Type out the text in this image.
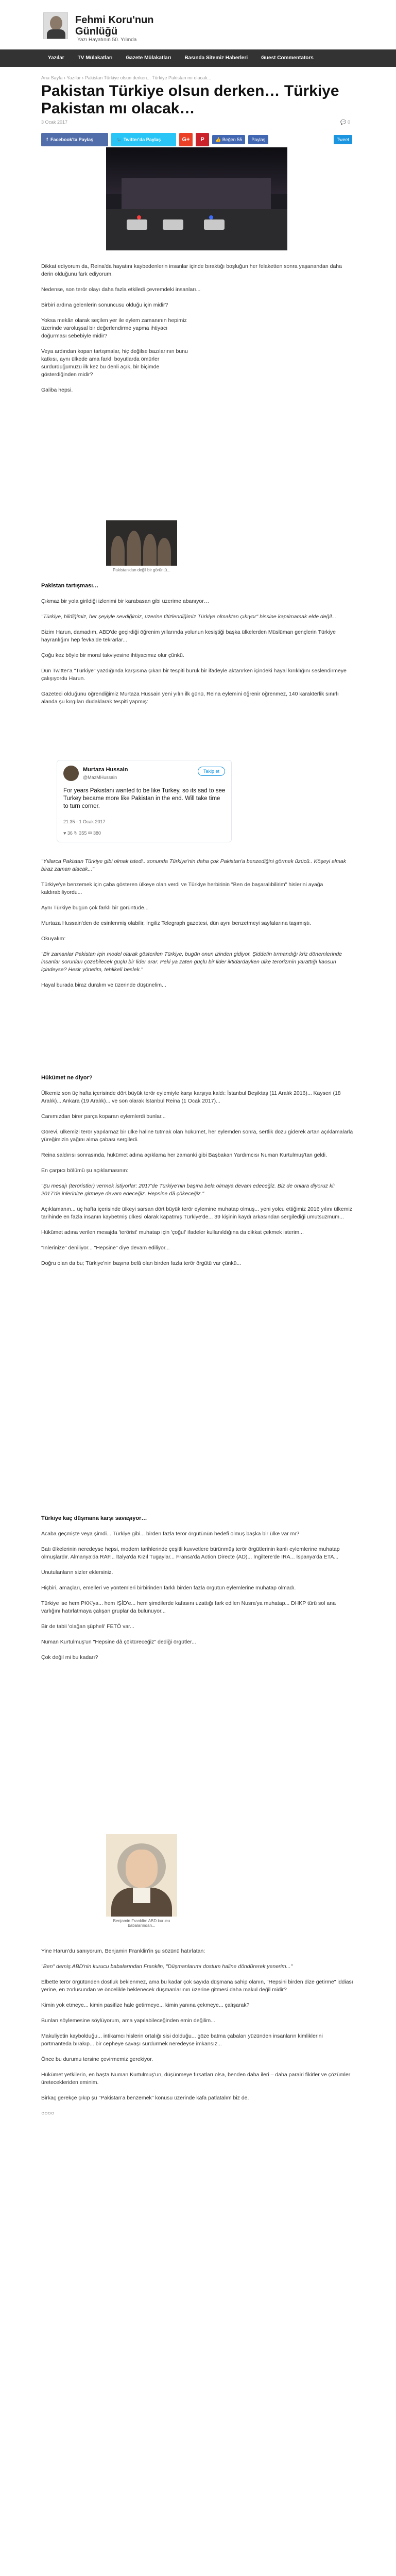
Fehmi Koru'nun
Günlüğü
Yazı Hayatının 50. Yılında
Yazılar	TV Mülakatları	Gazete Mülakatları	Basında Sitemiz Haberleri	Guest Commentators
Ana Sayfa › Yazılar › Pakistan Türkiye olsun derken... Türkiye Pakistan mı olacak...
Pakistan Türkiye olsun derken… Türkiye Pakistan mı olacak…
3 Ocak 2017	💬 0
f Facebook'ta Paylaş	🐦 Twitter'da Paylaş	G+	P	👍 Beğen 55	Paylaş	Tweet

Dikkat ediyorum da, Reina'da hayatını kaybedenlerin insanlar içinde bıraktığı boşluğun her felaketten sonra yaşanandan daha derin olduğunu fark ediyorum.

Nedense, son terör olayı daha fazla etkiledi çevremdeki insanları...

Birbiri ardına gelenlerin sonuncusu olduğu için midir?

Yoksa mekân olarak seçilen yer ile eylem zamanının hepimiz üzerinde varoluşsal bir değerlendirme yapma ihtiyacı doğurması sebebiyle midir?

Veya ardından kopan tartışmalar, hiç değilse bazılarının bunu katkısı, aynı ülkede ama farklı boyutlarda ömürler sürdürdüğümüzü ilk kez bu denli açık, bir biçimde gösterdiğinden midir?

Galiba hepsi.

Pakistan'dan değil bir görüntü...

Pakistan tartışması…

Çıkmaz bir yola girildiği izlenimi bir karabasan gibi üzerime abanıyor…

"Türkiye, bildiğimiz, her şeyiyle sevdiğimiz, üzerine titizlendiğimiz Türkiye olmaktan çıkıyor" hissine kapılmamak elde değil...

Bizim Harun, damadım, ABD'de geçirdiği öğrenim yıllarında yolunun kesiştiği başka ülkelerden Müslüman gençlerin Türkiye hayranlığını hep fevkalde tekrarlar...

Çoğu kez böyle bir moral takviyesine ihtiyacımız olur çünkü.

Dün Twitter'a "Türkiye" yazdığında karşısına çıkan bir tespiti buruk bir ifadeyle aktarırken içindeki hayal kırıklığını seslendirmeye çalışıyordu Harun.

Gazeteci olduğunu öğrendiğimiz Murtaza Hussain yeni yılın ilk günü, Reina eylemini öğrenir öğrenmez, 140 karakterlik sınırlı alanda şu kırgıları dudaklarak tespiti yapmış:

Murtaza Hussain
@MazMHussain
Takip et
For years Pakistani wanted to be like Turkey, so its sad to see Turkey became more like Pakistan in the end. Will take time to turn corner.
21:35 - 1 Ocak 2017
♥ 36 ↻ 355 ✉ 380

"Yıllarca Pakistan Türkiye gibi olmak istedi.. sonunda Türkiye'nin daha çok Pakistan'a benzediğini görmek üzücü.. Köşeyi almak biraz zaman alacak..."

Türkiye'ye benzemek için çaba gösteren ülkeye olan verdi ve Türkiye herbirinin "Ben de başaralıbilirim" hislerini ayağa kaldırabiliyordu...

Aynı Türkiye bugün çok farklı bir görüntüde...

Murtaza Hussain'den de esinlenmiş olabilir, İngiliz Telegraph gazetesi, dün aynı benzetmeyi sayfalarına taşımıştı.

Okuyalım:

"Bir zamanlar Pakistan için model olarak gösterilen Türkiye, bugün onun izinden gidiyor. Şiddetin tırmandığı kriz dönemlerinde insanlar sorunları çözebilecek güçlü bir lider arar. Peki ya zaten güçlü bir lider iktidardayken ülke terörizmin yarattığı kaosun içindeyse? Hesir yönetim, tehlikeli beslek."

Hayal burada biraz duralım ve üzerinde düşünelim...

Hükümet ne diyor?

Ülkemiz son üç hafta içerisinde dört büyük terör eylemiyle karşı karşıya kaldı: İstanbul Beşiktaş (11 Aralık 2016)... Kayseri (18 Aralık)... Ankara (19 Aralık)... ve son olarak İstanbul Reina (1 Ocak 2017)...

Canımızdan birer parça koparan eylemlerdi bunlar...

Görevi, ülkemizi terör yapılarnaz bir ülke haline tutmak olan hükümet, her eylemden sonra, sertlik dozu giderek artan açıklamalarla yüreğimizin yağını alma çabası sergiledi.

Reina saldırısı sonrasında, hükümet adına açıklama her zamanki gibi Başbakan Yardımcısı Numan Kurtulmuş'tan geldi.

En çarpıcı bölümü şu açıklamasının:

"Şu mesajı (teröristler) vermek istiyorlar: 2017'de Türkiye'nin başına bela olmaya devam edeceğiz. Biz de onlara diyoruz ki: 2017'de inlerinize girmeye devam edeceğiz. Hepsine dâ çökeceğiz."

Açıklamanın... üç hafta içerisinde ülkeyi sarsan dört büyük terör eylemine muhatap olmuş... yeni yolcu ettiğimiz 2016 yılını ülkemiz tarihinde en fazla insanın kaybetmiş ülkesi olarak kapatmış Türkiye'de... 39 kişinin kaydı arkasından sergilediği umutsuzmum...

Hükümet adına verilen mesajda 'terörist' muhatap için 'çoğul' ifadeler kullanıldığına da dikkat çekmek isterim...

"İnlerinize" deniliyor... "Hepsine" diye devam ediliyor...

Doğru olan da bu; Türkiye'nin başına belâ olan birden fazla terör örgütü var çünkü...

Türkiye kaç düşmana karşı savaşıyor…

Acaba geçmişte veya şimdi... Türkiye gibi... birden fazla terör örgütünün hedefi olmuş başka bir ülke var mı?

Batı ülkelerinin neredeyse hepsi, modern tarihlerinde çeşitli kuvvetlere bürünmüş terör örgütlerinin kanlı eylemlerine muhatap olmuşlardır. Almanya'da RAF... İtalya'da Kızıl Tugaylar... Fransa'da Action Directe (AD)... İngiltere'de IRA... İspanya'da ETA...

Unutulanların sizler eklersiniz.

Hiçbiri, amaçları, emelleri ve yöntemleri birbirinden farklı birden fazla örgütün eylemlerine muhatap olmadı.

Türkiye ise hem PKK'ya... hem IŞİD'e... hem şimdilerde kafasını uzattığı fark edilen Nusra'ya muhatap... DHKP türü sol ana varlığını hatırlatmaya çalışan gruplar da bulunuyor...

Bir de tabii 'olağan şüpheli' FETÖ var...

Numan Kurtulmuş'un "Hepsine dâ çöktüreceğiz" dediği örgütler...

Çok değil mi bu kadarı?

Benjamin Franklin: ABD kurucu babalarından...

Yine Harun'du sanıyorum, Benjamin Franklin'in şu sözünü hatırlatan:

"Ben" demiş ABD'nin kurucu babalarından Franklin, "Düşmanlarımı dostum haline döndürerek yenerim..."

Elbette terör örgütünden dostluk beklenmez, ama bu kadar çok sayıda düşmana sahip olanın, "Hepsini birden dize getirme" iddiası yerine, en zorlusundan ve öncelikle beklenecek düşmanlarının üzerine gitmesi daha makul değil midir?

Kimin yok etmeye... kimin pasifize hale getirmeye... kimin yanına çekmeye... çalışarak?

Bunları söylemesine söylüyorum, ama yapılabileceğinden emin değilim...

Makuliyetin kaybolduğu... intikamcı hislerin ortalığı sisi dolduğu... göze batma çabaları yüzünden insanların kimliklerini portmanteda bırakıp... bir cepheye savaşı sürdürmek neredeyse imkansız...

Önce bu durumu tersine çevirmemiz gerekiyor.

Hükümet yetkilerin, en başta Numan Kurtulmuş'un, düşünmeye fırsatları olsa, benden daha ileri – daha parairi fikirler ve çözümler üretecekleriden eminim.

Birkaç gerekçe çıkıp şu "Pakistan'a benzemek" konusu üzerinde kafa patlatalım biz de.

○○○○
